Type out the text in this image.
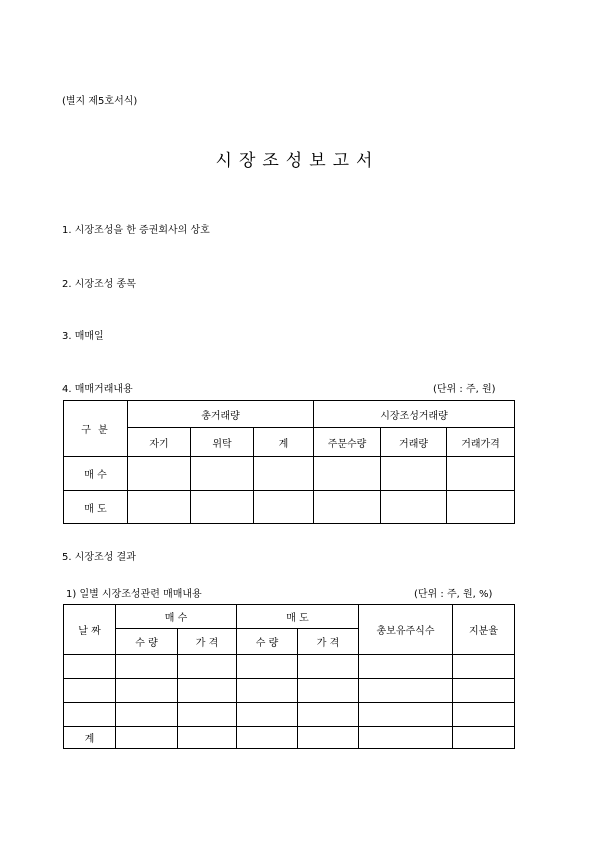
(별지 제5호서식)
시장조성보고서
1. 시장조성을 한 증권회사의 상호
2. 시장조성 종목
3. 매매일
4. 매매거래내용	(단위 : 주, 원)
구 분	총거래량			시장조성거래량		
	자기	위탁	계	주문수량	거래량	거래가격
매 수						
매 도						
5. 시장조성 결과
1) 일별 시장조성관련 매매내용	(단위 : 주, 원, %)
날 짜	매 수		매 도		총보유주식수	지분율
	수 량	가 격	수 량	가 격		

계						
